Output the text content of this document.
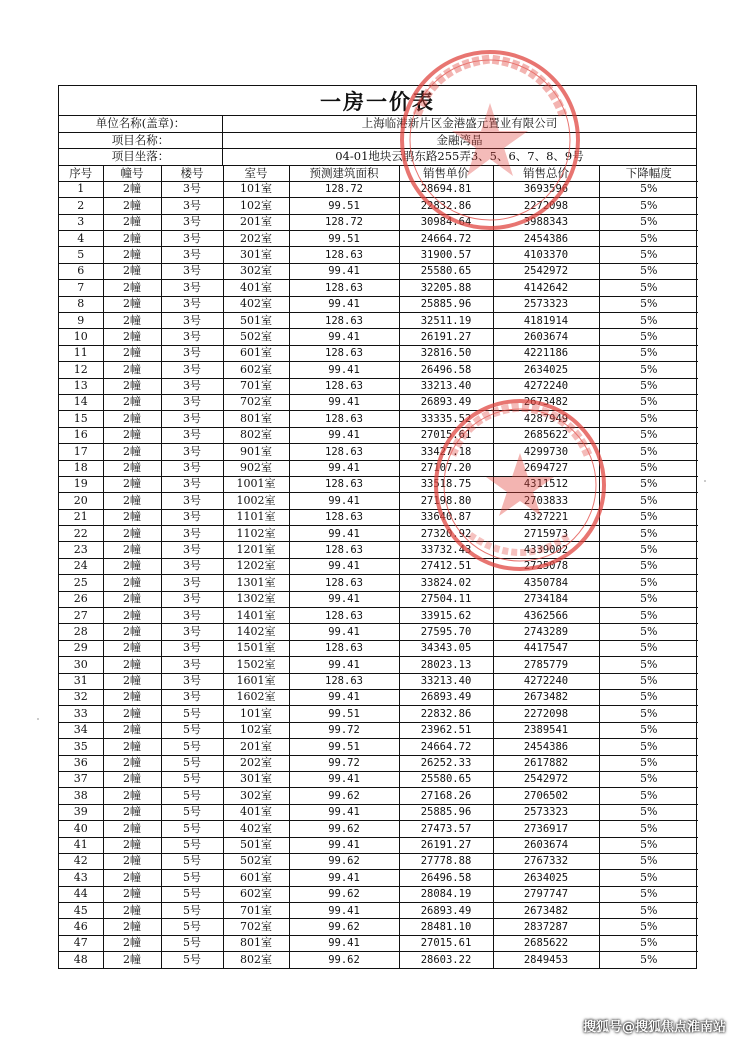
一房一价表
单位名称(盖章)：	上海临港新片区金港盛元置业有限公司
项目名称：	金融湾晶
项目坐落：	04-01地块云鹃东路255弄3、5、6、7、8、9号
序号	幢号	楼号	室号	预测建筑面积	销售单价	销售总价	下降幅度
1	2幢	3号	101室	128.72	28694.81	3693596	5%
2	2幢	3号	102室	99.51	22832.86	2272098	5%
3	2幢	3号	201室	128.72	30984.64	3988343	5%
4	2幢	3号	202室	99.51	24664.72	2454386	5%
5	2幢	3号	301室	128.63	31900.57	4103370	5%
6	2幢	3号	302室	99.41	25580.65	2542972	5%
7	2幢	3号	401室	128.63	32205.88	4142642	5%
8	2幢	3号	402室	99.41	25885.96	2573323	5%
9	2幢	3号	501室	128.63	32511.19	4181914	5%
10	2幢	3号	502室	99.41	26191.27	2603674	5%
11	2幢	3号	601室	128.63	32816.50	4221186	5%
12	2幢	3号	602室	99.41	26496.58	2634025	5%
13	2幢	3号	701室	128.63	33213.40	4272240	5%
14	2幢	3号	702室	99.41	26893.49	2673482	5%
15	2幢	3号	801室	128.63	33335.52	4287949	5%
16	2幢	3号	802室	99.41	27015.61	2685622	5%
17	2幢	3号	901室	128.63	33427.18	4299730	5%
18	2幢	3号	902室	99.41	27107.20	2694727	5%
19	2幢	3号	1001室	128.63	33518.75	4311512	5%
20	2幢	3号	1002室	99.41	27198.80	2703833	5%
21	2幢	3号	1101室	128.63	33640.87	4327221	5%
22	2幢	3号	1102室	99.41	27320.92	2715973	5%
23	2幢	3号	1201室	128.63	33732.43	4339002	5%
24	2幢	3号	1202室	99.41	27412.51	2725078	5%
25	2幢	3号	1301室	128.63	33824.02	4350784	5%
26	2幢	3号	1302室	99.41	27504.11	2734184	5%
27	2幢	3号	1401室	128.63	33915.62	4362566	5%
28	2幢	3号	1402室	99.41	27595.70	2743289	5%
29	2幢	3号	1501室	128.63	34343.05	4417547	5%
30	2幢	3号	1502室	99.41	28023.13	2785779	5%
31	2幢	3号	1601室	128.63	33213.40	4272240	5%
32	2幢	3号	1602室	99.41	26893.49	2673482	5%
33	2幢	5号	101室	99.51	22832.86	2272098	5%
34	2幢	5号	102室	99.72	23962.51	2389541	5%
35	2幢	5号	201室	99.51	24664.72	2454386	5%
36	2幢	5号	202室	99.72	26252.33	2617882	5%
37	2幢	5号	301室	99.41	25580.65	2542972	5%
38	2幢	5号	302室	99.62	27168.26	2706502	5%
39	2幢	5号	401室	99.41	25885.96	2573323	5%
40	2幢	5号	402室	99.62	27473.57	2736917	5%
41	2幢	5号	501室	99.41	26191.27	2603674	5%
42	2幢	5号	502室	99.62	27778.88	2767332	5%
43	2幢	5号	601室	99.41	26496.58	2634025	5%
44	2幢	5号	602室	99.62	28084.19	2797747	5%
45	2幢	5号	701室	99.41	26893.49	2673482	5%
46	2幢	5号	702室	99.62	28481.10	2837287	5%
47	2幢	5号	801室	99.41	27015.61	2685622	5%
48	2幢	5号	802室	99.62	28603.22	2849453	5%
搜狐号@搜狐焦点淮南站
